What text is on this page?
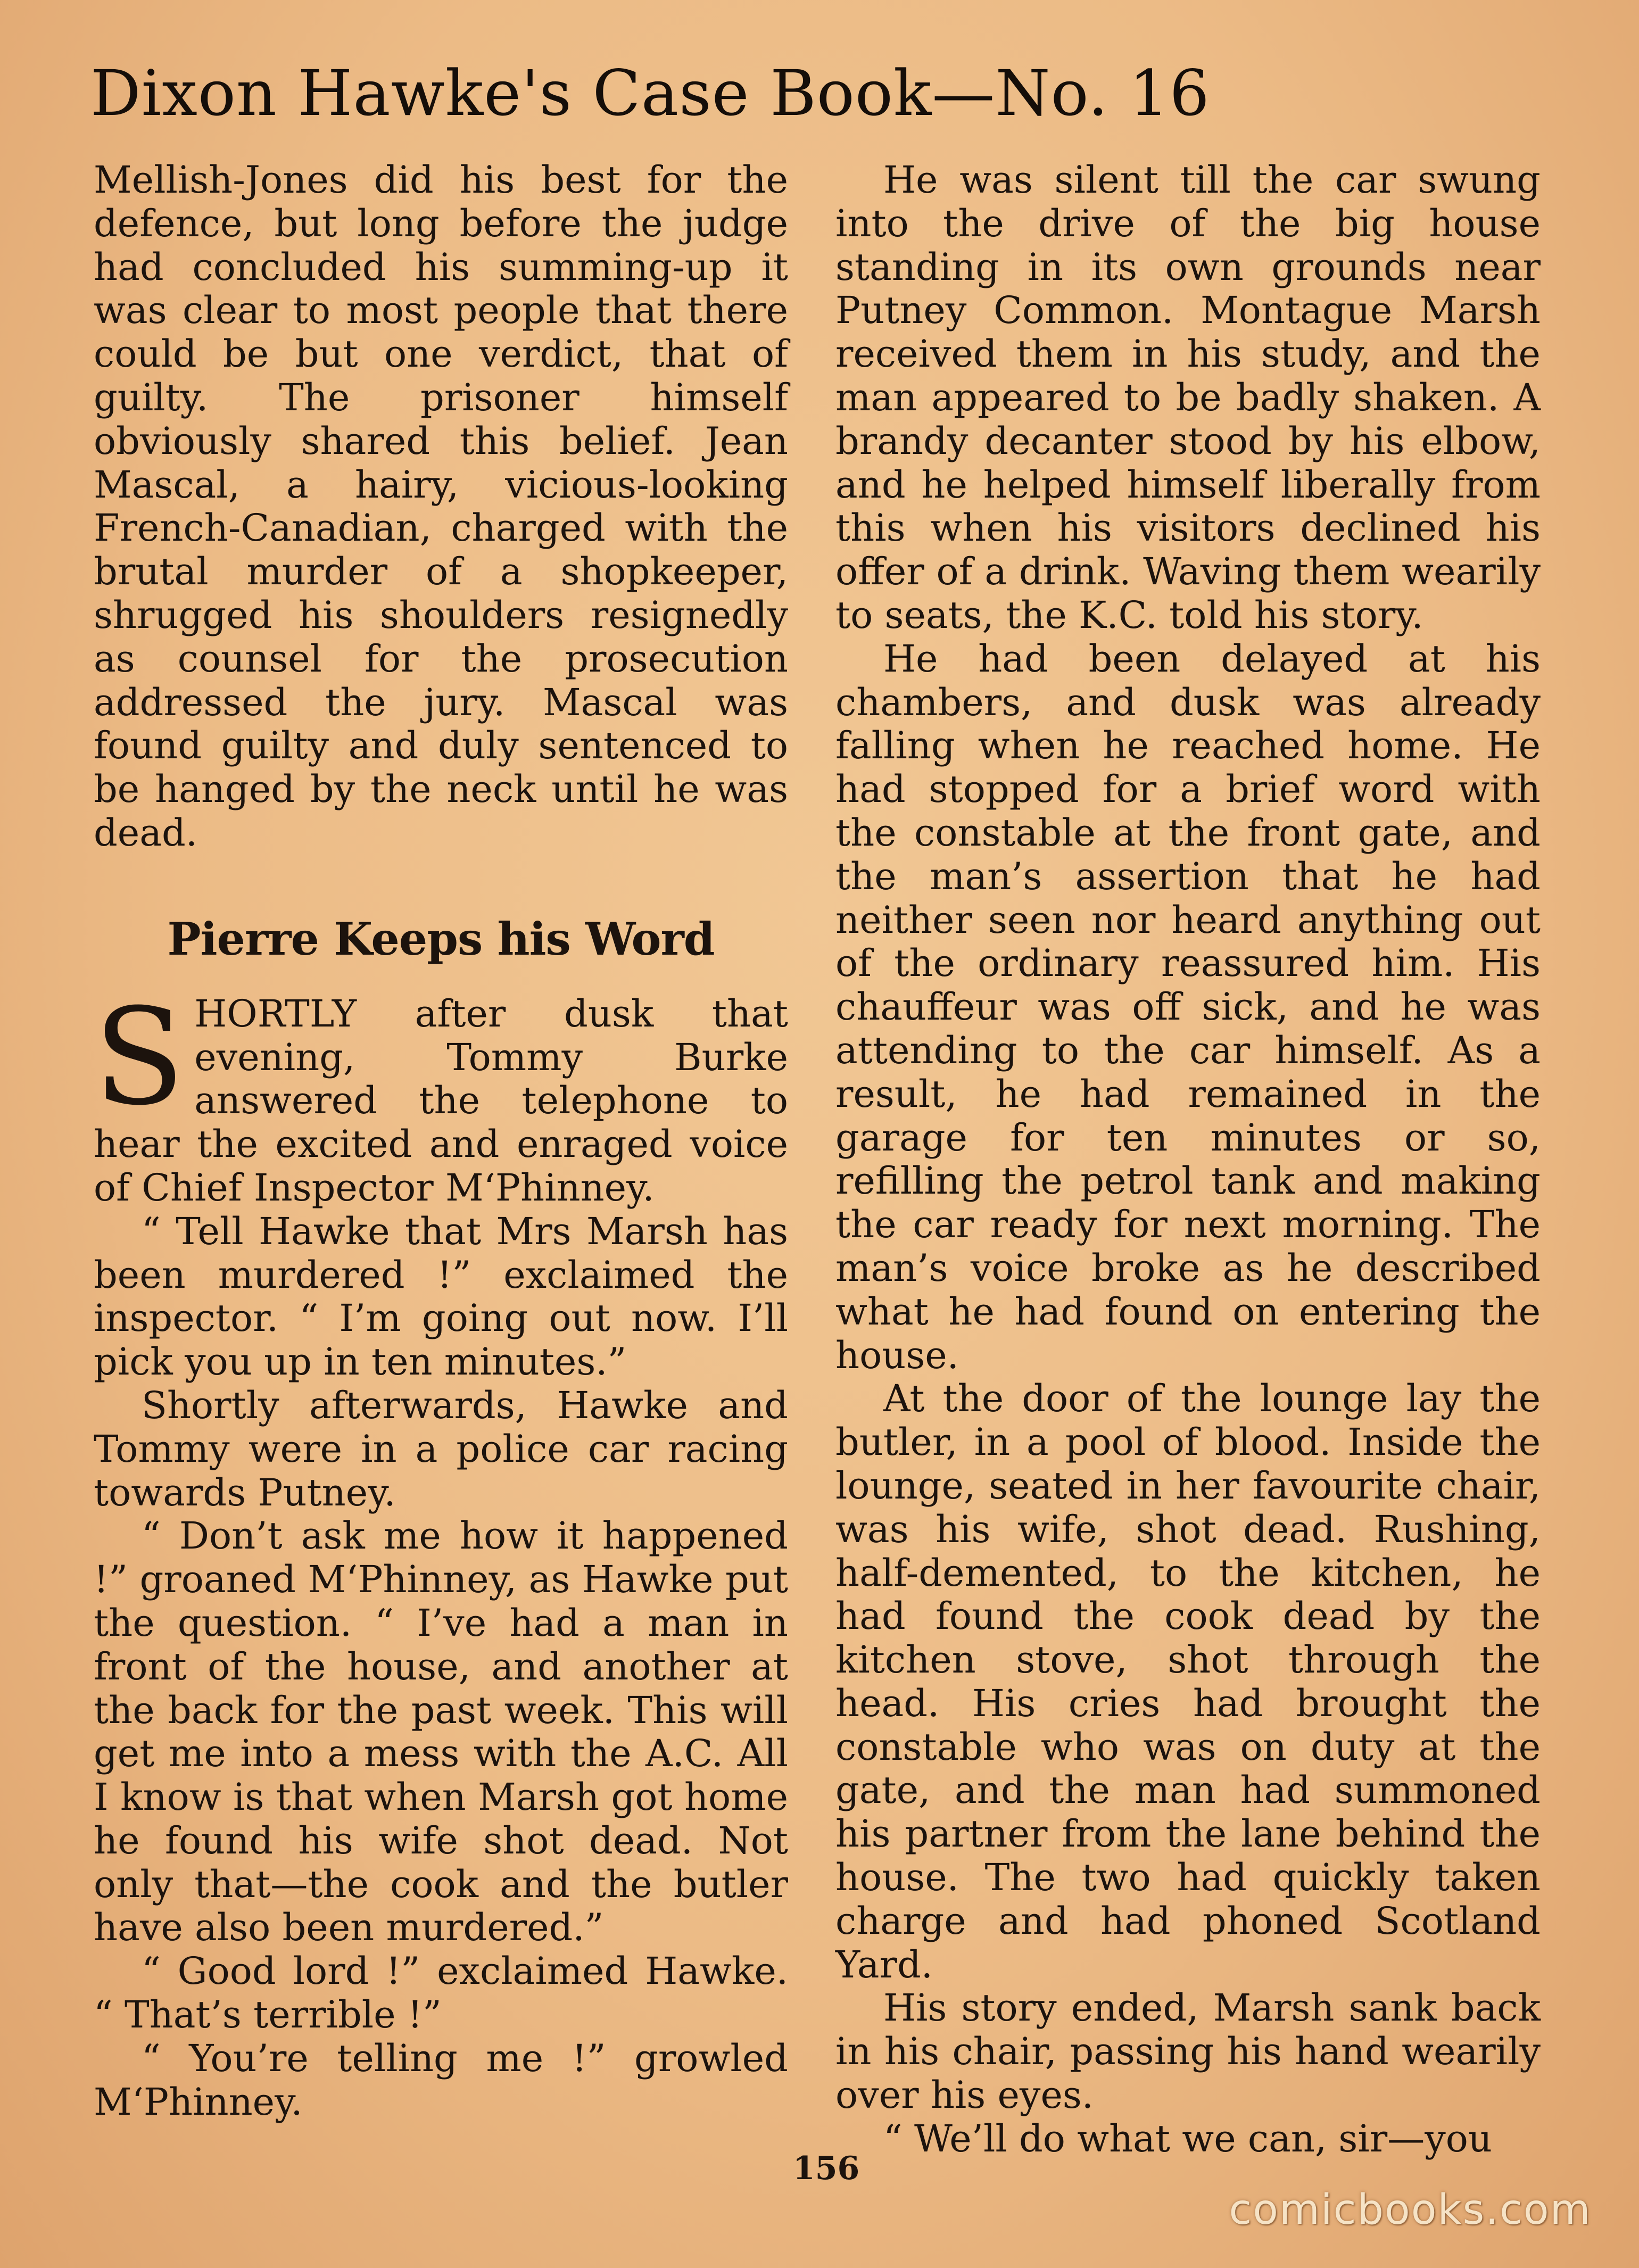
Dixon Hawke's Case Book—No. 16

Mellish-Jones did his best for the defence, but long before the judge had concluded his summing-up it was clear to most people that there could be but one verdict, that of guilty. The prisoner himself obviously shared this belief. Jean Mascal, a hairy, vicious-looking French-Canadian, charged with the brutal murder of a shopkeeper, shrugged his shoulders resignedly as counsel for the prosecution addressed the jury. Mascal was found guilty and duly sentenced to be hanged by the neck until he was dead.

Pierre Keeps his Word

SHORTLY after dusk that evening, Tommy Burke answered the telephone to hear the excited and enraged voice of Chief Inspector M‘Phinney.

“ Tell Hawke that Mrs Marsh has been murdered !” exclaimed the inspector. “ I’m going out now. I’ll pick you up in ten minutes.”

Shortly afterwards, Hawke and Tommy were in a police car racing towards Putney.

“ Don’t ask me how it happened !” groaned M‘Phinney, as Hawke put the question. “ I’ve had a man in front of the house, and another at the back for the past week. This will get me into a mess with the A.C. All I know is that when Marsh got home he found his wife shot dead. Not only that—the cook and the butler have also been murdered.”

“ Good lord !” exclaimed Hawke. “ That’s terrible !”

“ You’re telling me !” growled M‘Phinney.

He was silent till the car swung into the drive of the big house standing in its own grounds near Putney Common. Montague Marsh received them in his study, and the man appeared to be badly shaken. A brandy decanter stood by his elbow, and he helped himself liberally from this when his visitors declined his offer of a drink. Waving them wearily to seats, the K.C. told his story.

He had been delayed at his chambers, and dusk was already falling when he reached home. He had stopped for a brief word with the constable at the front gate, and the man’s assertion that he had neither seen nor heard anything out of the ordinary reassured him. His chauffeur was off sick, and he was attending to the car himself. As a result, he had remained in the garage for ten minutes or so, refilling the petrol tank and making the car ready for next morning. The man’s voice broke as he described what he had found on entering the house.

At the door of the lounge lay the butler, in a pool of blood. Inside the lounge, seated in her favourite chair, was his wife, shot dead. Rushing, half-demented, to the kitchen, he had found the cook dead by the kitchen stove, shot through the head. His cries had brought the constable who was on duty at the gate, and the man had summoned his partner from the lane behind the house. The two had quickly taken charge and had phoned Scotland Yard.

His story ended, Marsh sank back in his chair, passing his hand wearily over his eyes.

“ We’ll do what we can, sir—you

156
comicbooks.com
